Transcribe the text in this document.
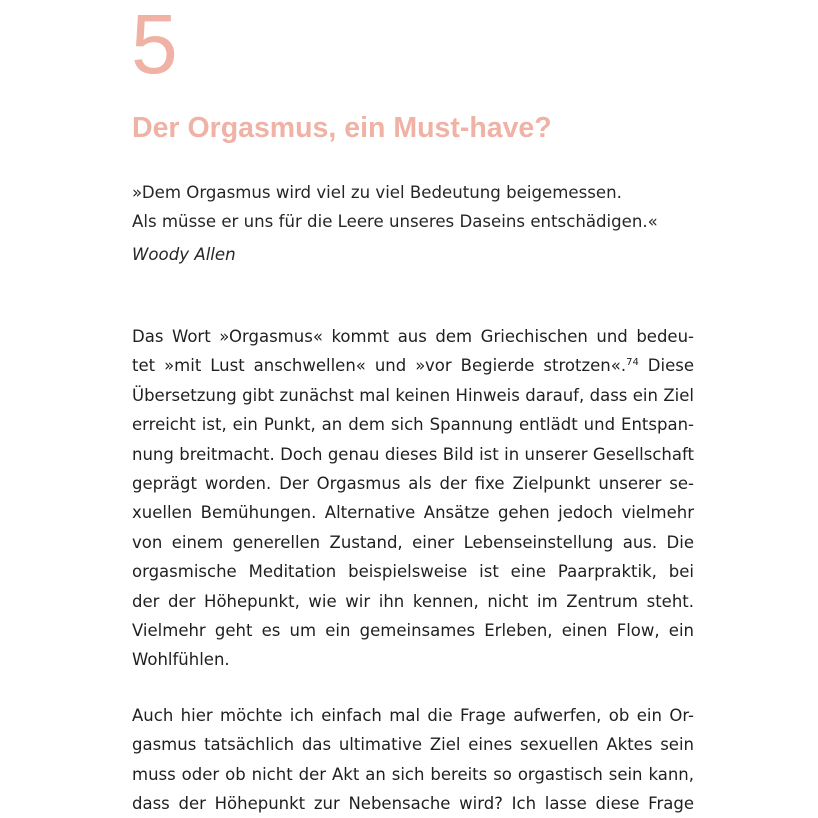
5
Der Orgasmus, ein Must-have?
»Dem Orgasmus wird viel zu viel Bedeutung beigemessen.
Als müsse er uns für die Leere unseres Daseins entschädigen.«
Woody Allen
Das Wort »Orgasmus« kommt aus dem Griechischen und bedeu-
tet »mit Lust anschwellen« und »vor Begierde strotzen«.$^{74}$ Diese
Übersetzung gibt zunächst mal keinen Hinweis darauf, dass ein Ziel
erreicht ist, ein Punkt, an dem sich Spannung entlädt und Entspan-
nung breitmacht. Doch genau dieses Bild ist in unserer Gesellschaft
geprägt worden. Der Orgasmus als der fixe Zielpunkt unserer se-
xuellen Bemühungen. Alternative Ansätze gehen jedoch vielmehr
von einem generellen Zustand, einer Lebenseinstellung aus. Die
orgasmische Meditation beispielsweise ist eine Paarpraktik, bei
der der Höhepunkt, wie wir ihn kennen, nicht im Zentrum steht.
Vielmehr geht es um ein gemeinsames Erleben, einen Flow, ein
Wohlfühlen.
Auch hier möchte ich einfach mal die Frage aufwerfen, ob ein Or-
gasmus tatsächlich das ultimative Ziel eines sexuellen Aktes sein
muss oder ob nicht der Akt an sich bereits so orgastisch sein kann,
dass der Höhepunkt zur Nebensache wird? Ich lasse diese Frage
